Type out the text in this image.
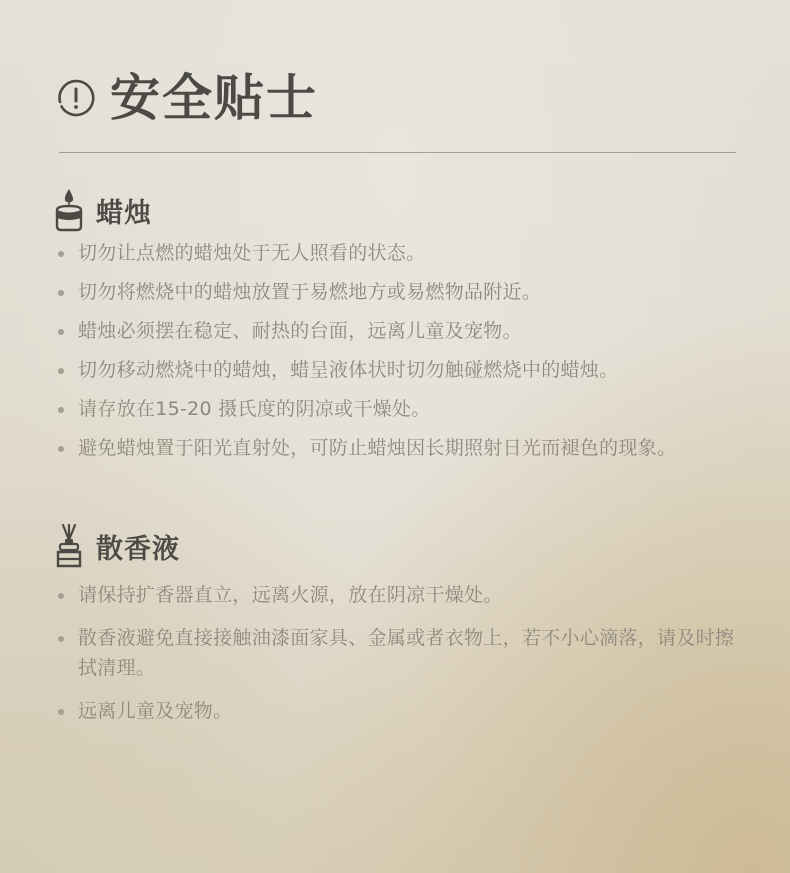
安全贴士
蜡烛
切勿让点燃的蜡烛处于无人照看的状态。
切勿将燃烧中的蜡烛放置于易燃地方或易燃物品附近。
蜡烛必须摆在稳定、耐热的台面，远离儿童及宠物。
切勿移动燃烧中的蜡烛，蜡呈液体状时切勿触碰燃烧中的蜡烛。
请存放在15-20 摄氏度的阴凉或干燥处。
避免蜡烛置于阳光直射处，可防止蜡烛因长期照射日光而褪色的现象。
散香液
请保持扩香器直立，远离火源，放在阴凉干燥处。
散香液避免直接接触油漆面家具、金属或者衣物上，若不小心滴落，请及时擦拭清理。
远离儿童及宠物。
